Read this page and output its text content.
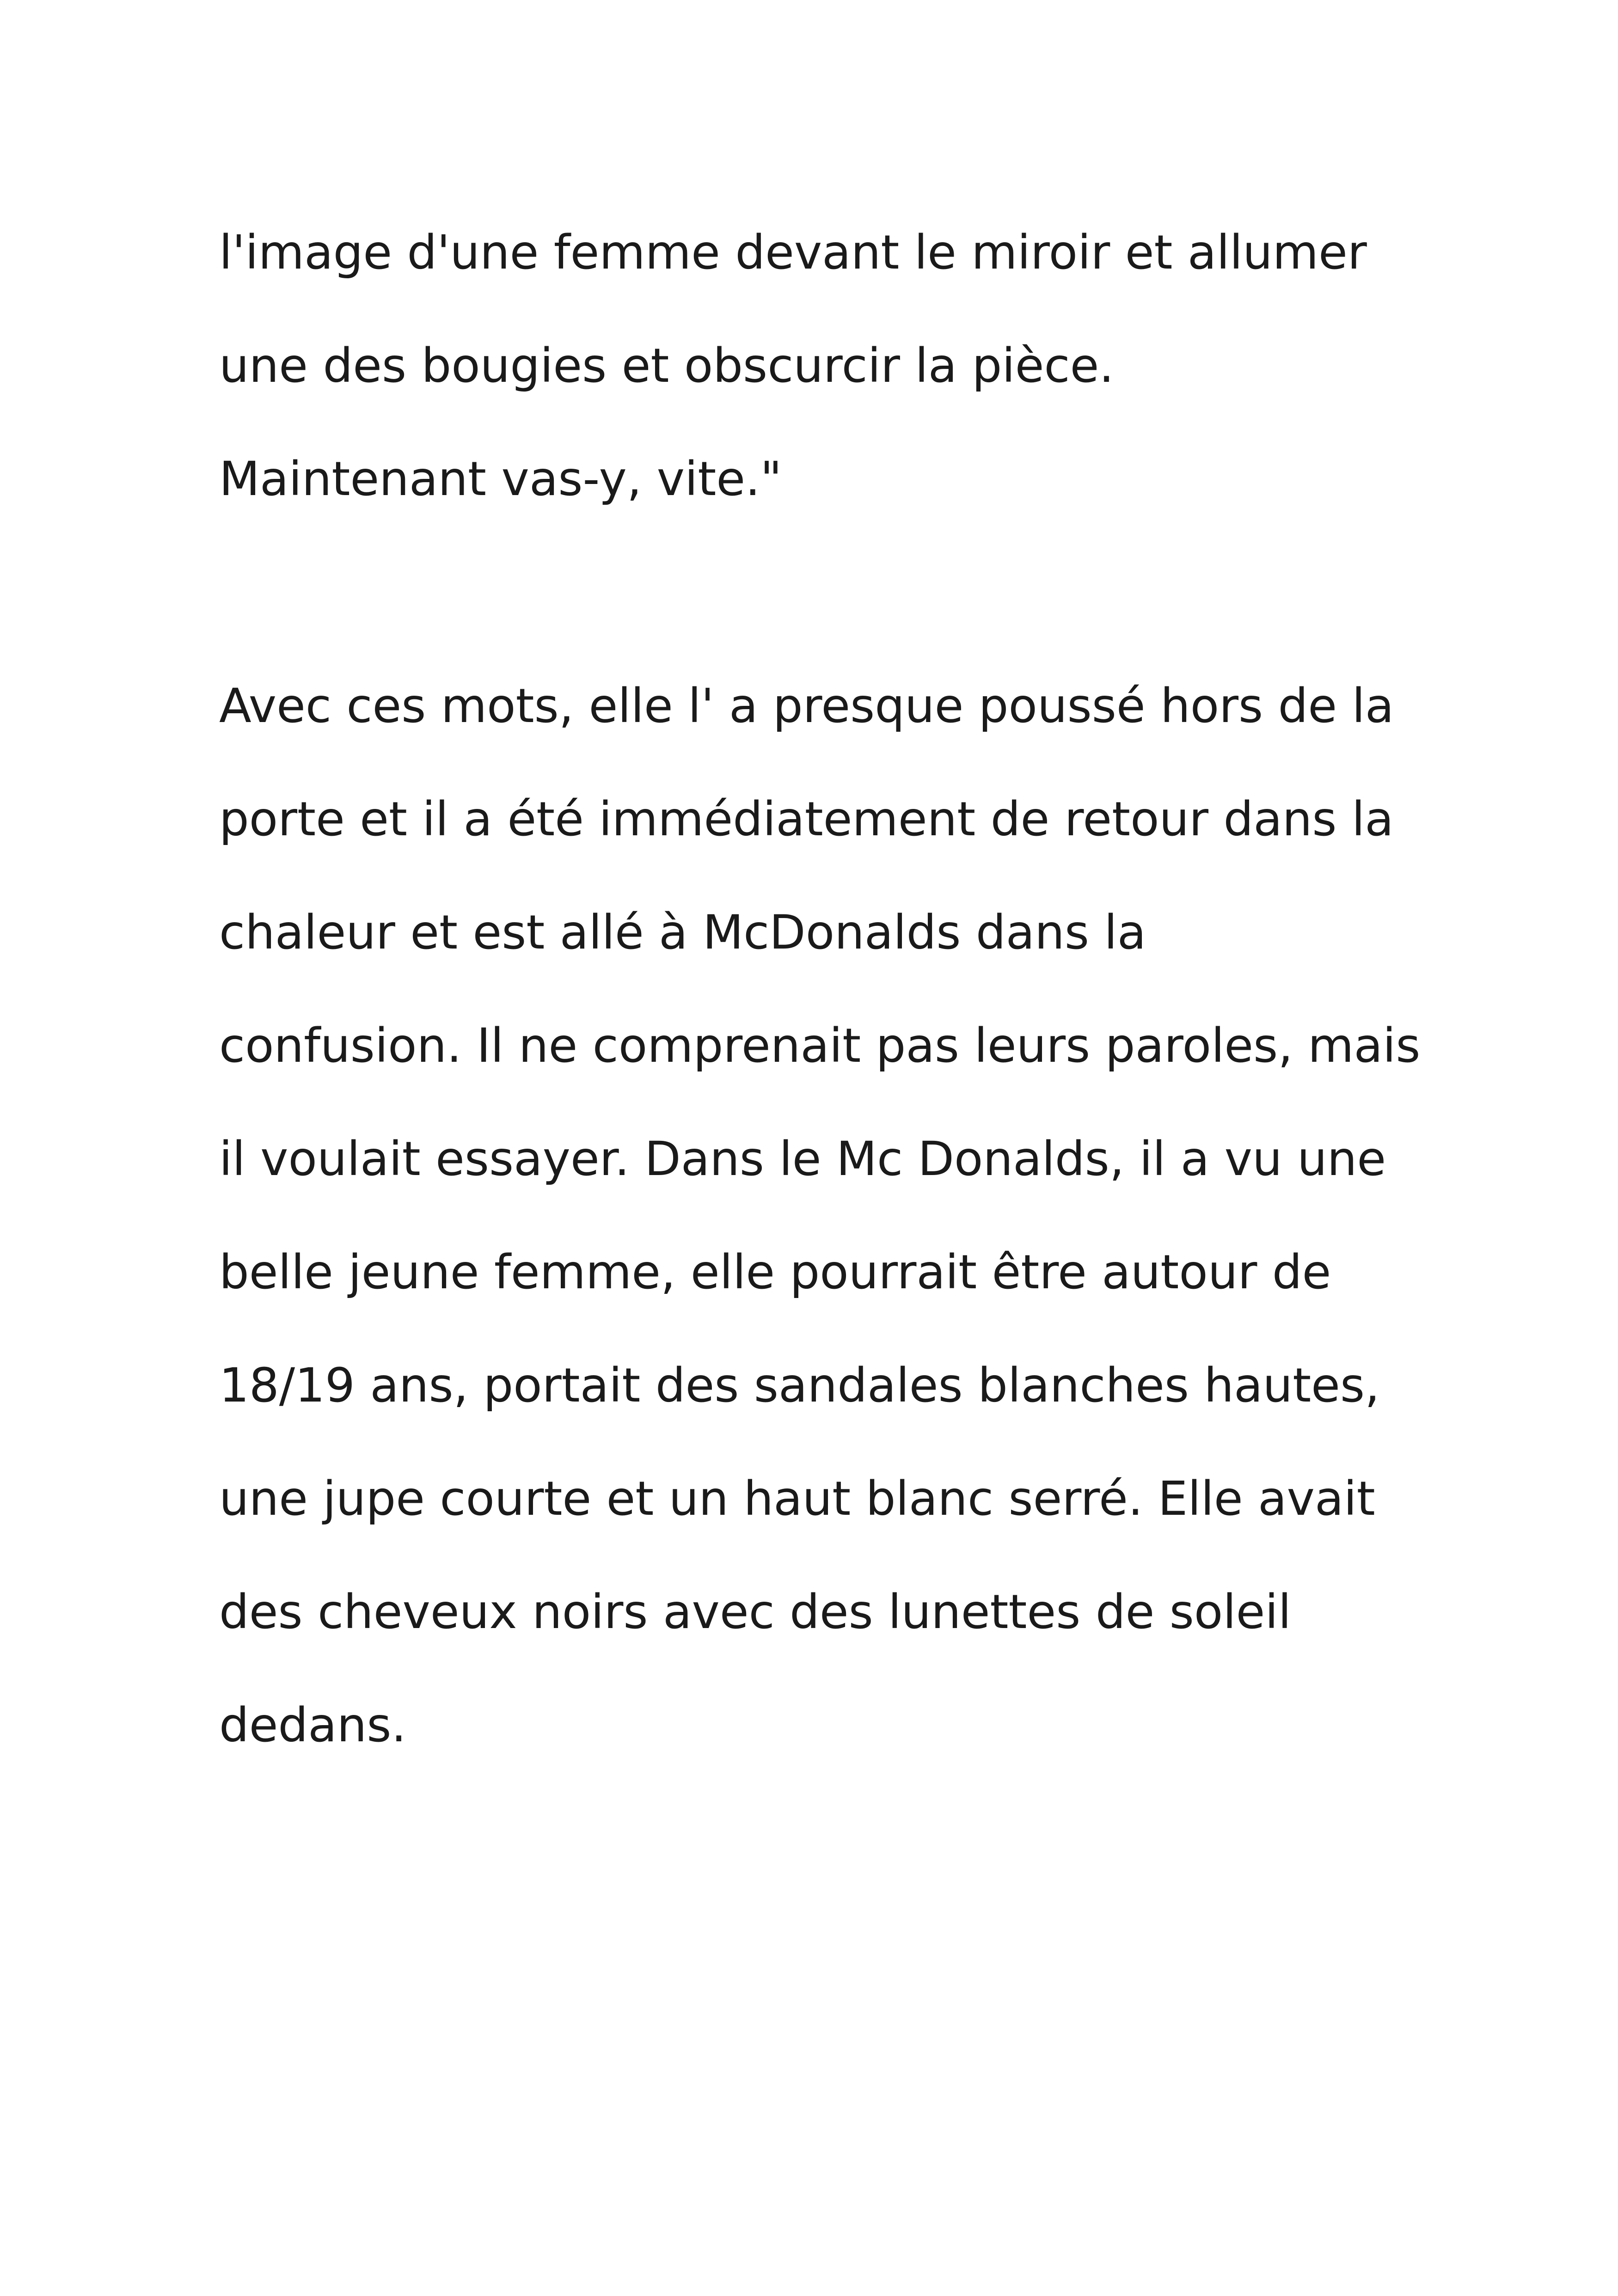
l'image d'une femme devant le miroir et allumer
une des bougies et obscurcir la pièce.
Maintenant vas-y, vite."
Avec ces mots, elle l' a presque poussé hors de la
porte et il a été immédiatement de retour dans la
chaleur et est allé à McDonalds dans la
confusion. Il ne comprenait pas leurs paroles, mais
il voulait essayer. Dans le Mc Donalds, il a vu une
belle jeune femme, elle pourrait être autour de
18/19 ans, portait des sandales blanches hautes,
une jupe courte et un haut blanc serré. Elle avait
des cheveux noirs avec des lunettes de soleil
dedans.
